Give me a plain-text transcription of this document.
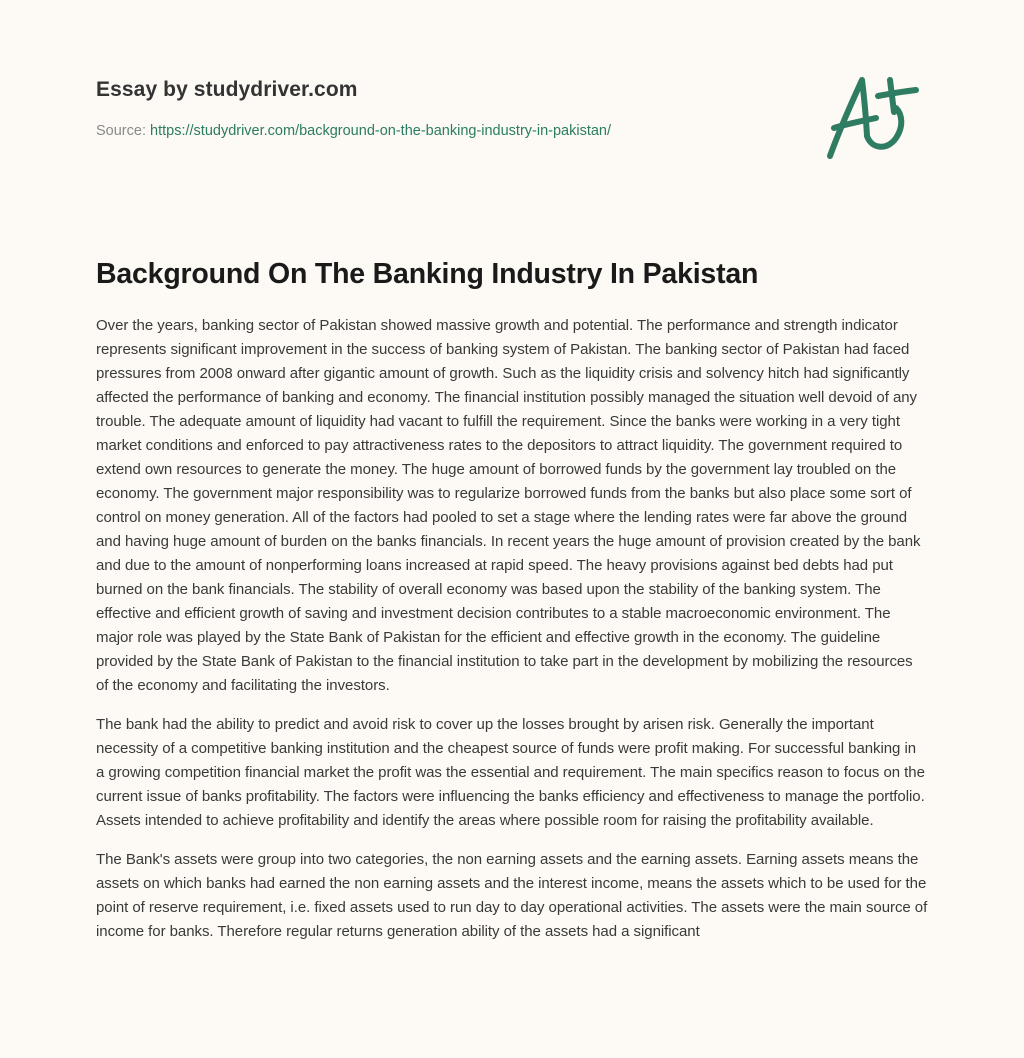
Essay by studydriver.com
Source: https://studydriver.com/background-on-the-banking-industry-in-pakistan/
Background On The Banking Industry In Pakistan

Over the years, banking sector of Pakistan showed massive growth and potential. The performance and strength indicator represents significant improvement in the success of banking system of Pakistan. The banking sector of Pakistan had faced pressures from 2008 onward after gigantic amount of growth. Such as the liquidity crisis and solvency hitch had significantly affected the performance of banking and economy. The financial institution possibly managed the situation well devoid of any trouble. The adequate amount of liquidity had vacant to fulfill the requirement. Since the banks were working in a very tight market conditions and enforced to pay attractiveness rates to the depositors to attract liquidity. The government required to extend own resources to generate the money. The huge amount of borrowed funds by the government lay troubled on the economy. The government major responsibility was to regularize borrowed funds from the banks but also place some sort of control on money generation. All of the factors had pooled to set a stage where the lending rates were far above the ground and having huge amount of burden on the banks financials. In recent years the huge amount of provision created by the bank and due to the amount of nonperforming loans increased at rapid speed. The heavy provisions against bed debts had put burned on the bank financials. The stability of overall economy was based upon the stability of the banking system. The effective and efficient growth of saving and investment decision contributes to a stable macroeconomic environment. The major role was played by the State Bank of Pakistan for the efficient and effective growth in the economy. The guideline provided by the State Bank of Pakistan to the financial institution to take part in the development by mobilizing the resources of the economy and facilitating the investors.

The bank had the ability to predict and avoid risk to cover up the losses brought by arisen risk. Generally the important necessity of a competitive banking institution and the cheapest source of funds were profit making. For successful banking in a growing competition financial market the profit was the essential and requirement. The main specifics reason to focus on the current issue of banks profitability. The factors were influencing the banks efficiency and effectiveness to manage the portfolio. Assets intended to achieve profitability and identify the areas where possible room for raising the profitability available.

The Bank's assets were group into two categories, the non earning assets and the earning assets. Earning assets means the assets on which banks had earned the non earning assets and the interest income, means the assets which to be used for the point of reserve requirement, i.e. fixed assets used to run day to day operational activities. The assets were the main source of income for banks. Therefore regular returns generation ability of the assets had a significant
